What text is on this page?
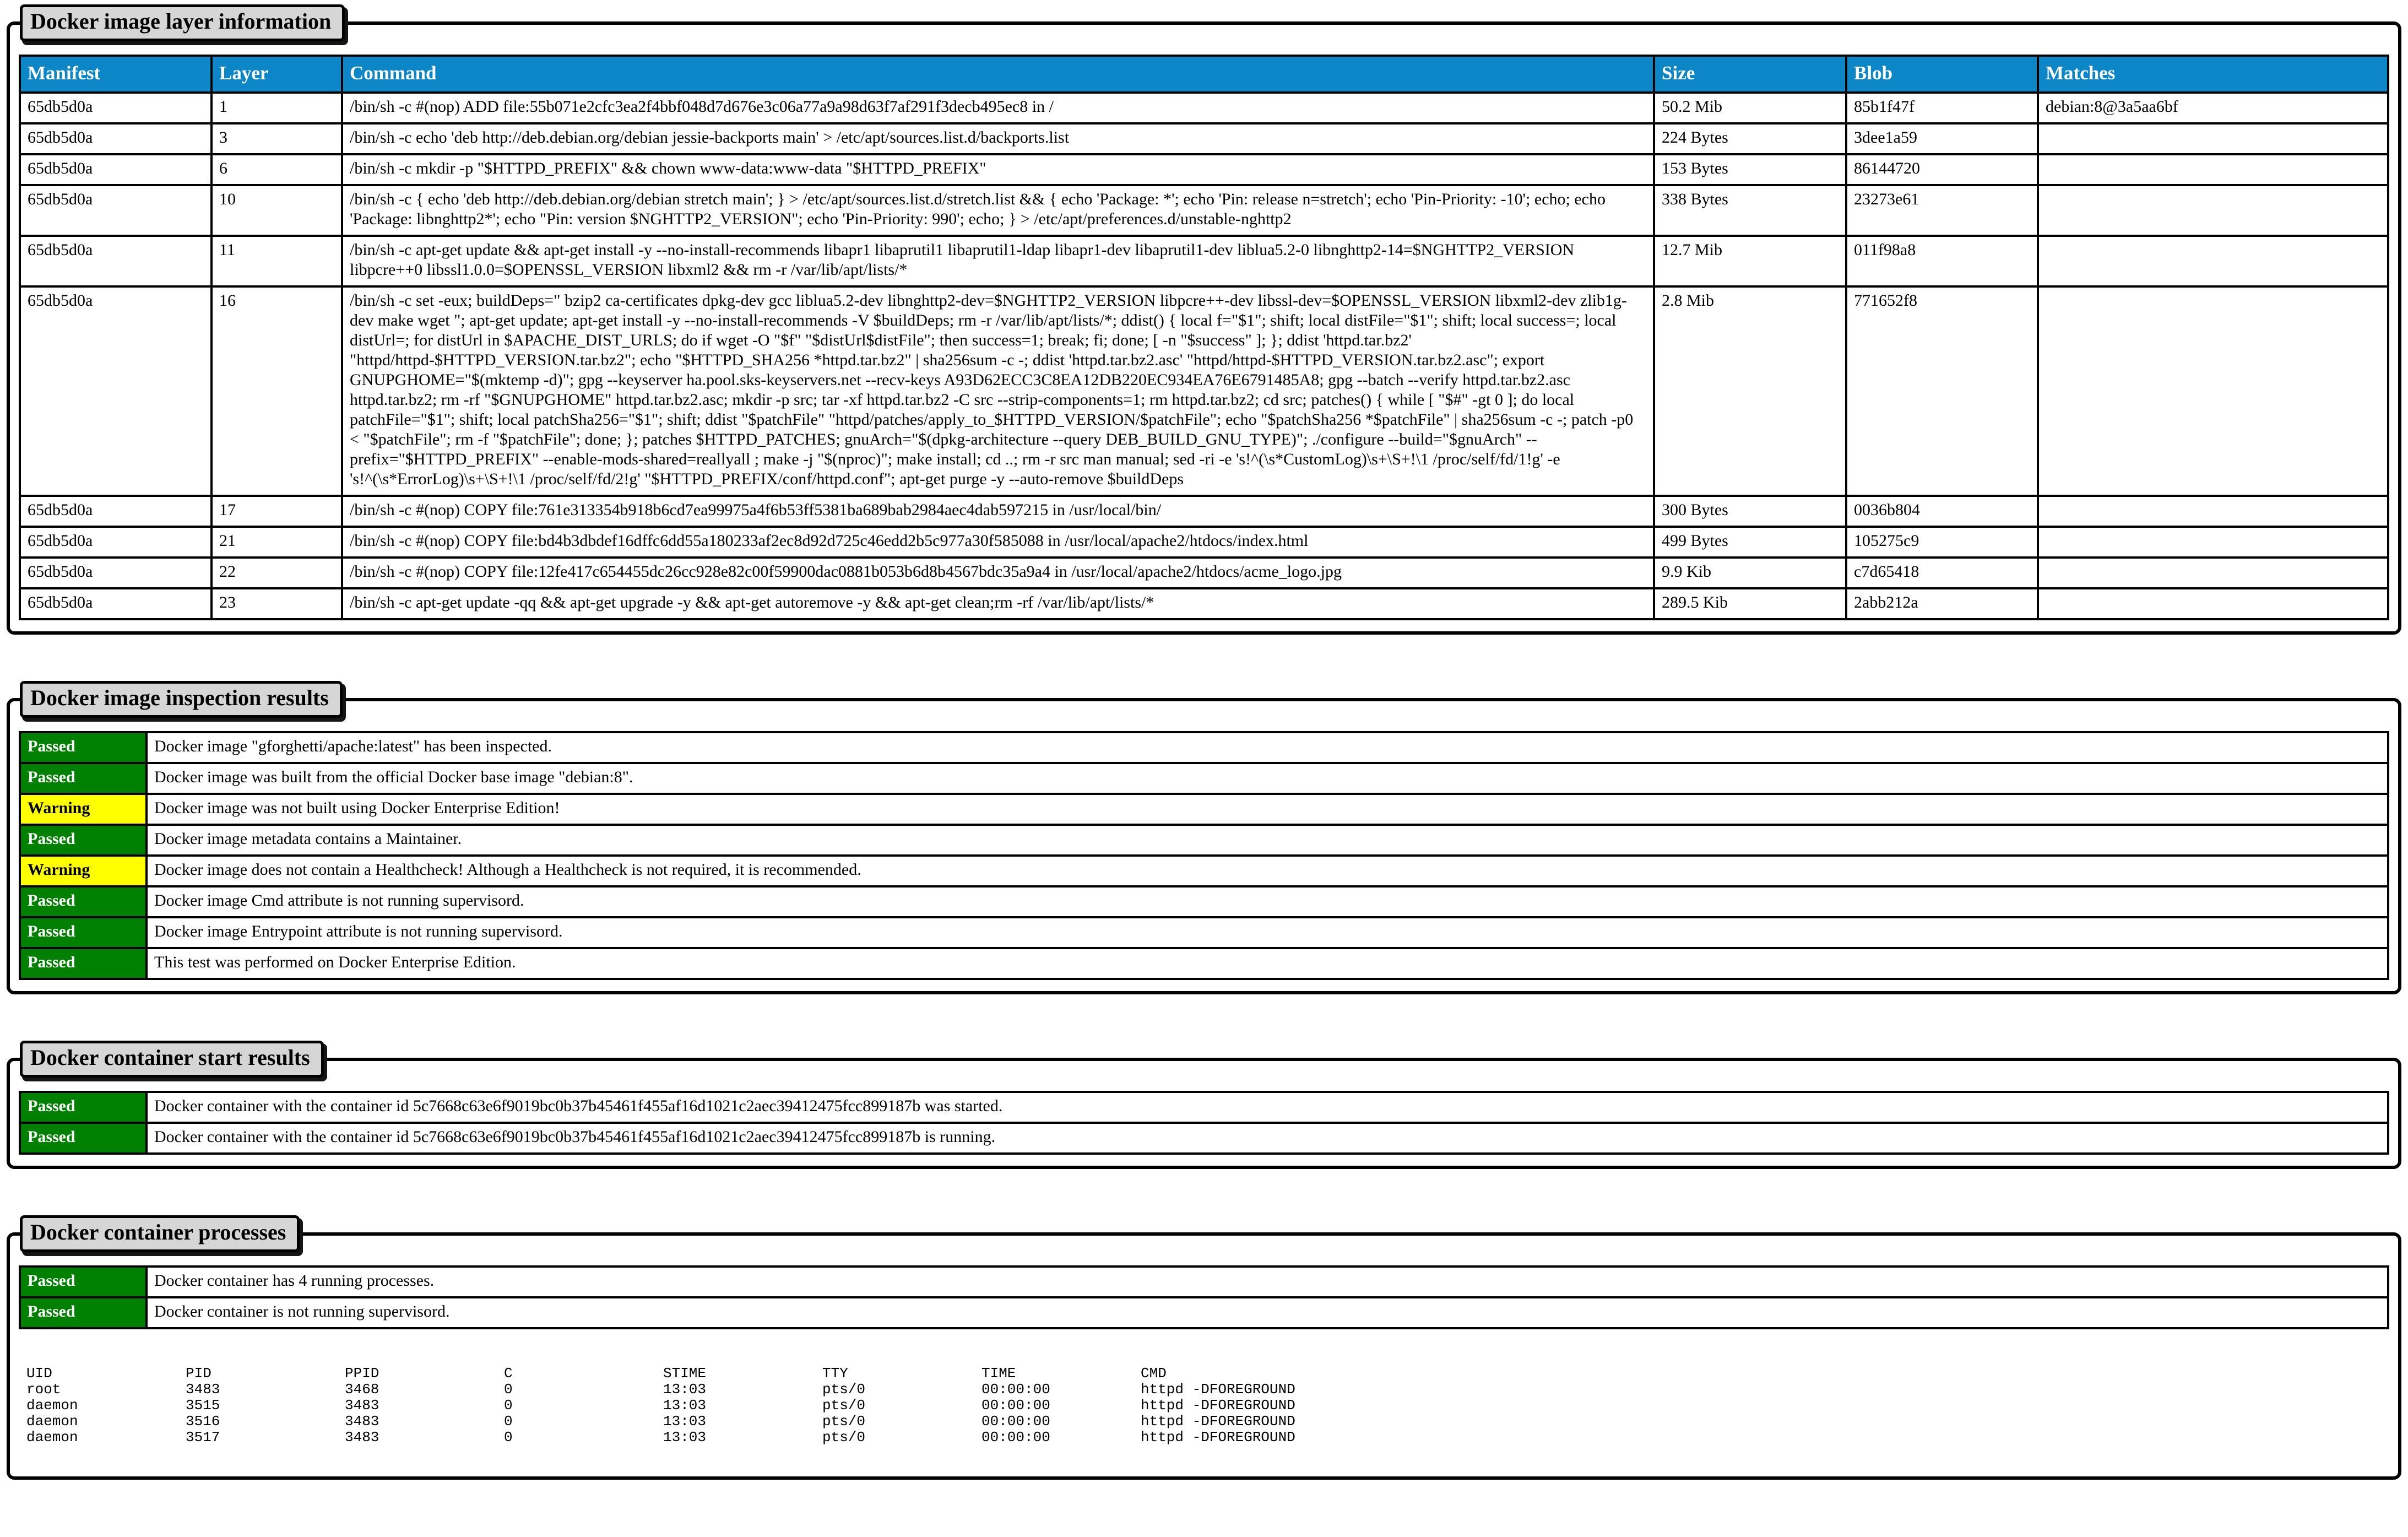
Docker image layer information
Manifest	Layer	Command	Size	Blob	Matches
65db5d0a	1	/bin/sh -c #(nop) ADD file:55b071e2cfc3ea2f4bbf048d7d676e3c06a77a9a98d63f7af291f3decb495ec8 in /	50.2 Mib	85b1f47f	debian:8@3a5aa6bf
65db5d0a	3	/bin/sh -c echo 'deb http://deb.debian.org/debian jessie-backports main' > /etc/apt/sources.list.d/backports.list	224 Bytes	3dee1a59	
65db5d0a	6	/bin/sh -c mkdir -p "$HTTPD_PREFIX" && chown www-data:www-data "$HTTPD_PREFIX"	153 Bytes	86144720	
65db5d0a	10	/bin/sh -c { echo 'deb http://deb.debian.org/debian stretch main'; } > /etc/apt/sources.list.d/stretch.list && { echo 'Package: *'; echo 'Pin: release n=stretch'; echo 'Pin-Priority: -10'; echo; echo 'Package: libnghttp2*'; echo "Pin: version $NGHTTP2_VERSION"; echo 'Pin-Priority: 990'; echo; } > /etc/apt/preferences.d/unstable-nghttp2	338 Bytes	23273e61	
65db5d0a	11	/bin/sh -c apt-get update && apt-get install -y --no-install-recommends libapr1 libaprutil1 libaprutil1-ldap libapr1-dev libaprutil1-dev liblua5.2-0 libnghttp2-14=$NGHTTP2_VERSION libpcre++0 libssl1.0.0=$OPENSSL_VERSION libxml2 && rm -r /var/lib/apt/lists/*	12.7 Mib	011f98a8	
65db5d0a	16	/bin/sh -c set -eux; buildDeps=" bzip2 ca-certificates dpkg-dev gcc liblua5.2-dev libnghttp2-dev=$NGHTTP2_VERSION libpcre++-dev libssl-dev=$OPENSSL_VERSION libxml2-dev zlib1g-dev make wget "; apt-get update; apt-get install -y --no-install-recommends -V $buildDeps; rm -r /var/lib/apt/lists/*; ddist() { local f="$1"; shift; local distFile="$1"; shift; local success=; local distUrl=; for distUrl in $APACHE_DIST_URLS; do if wget -O "$f" "$distUrl$distFile"; then success=1; break; fi; done; [ -n "$success" ]; }; ddist 'httpd.tar.bz2' "httpd/httpd-$HTTPD_VERSION.tar.bz2"; echo "$HTTPD_SHA256 *httpd.tar.bz2" | sha256sum -c -; ddist 'httpd.tar.bz2.asc' "httpd/httpd-$HTTPD_VERSION.tar.bz2.asc"; export GNUPGHOME="$(mktemp -d)"; gpg --keyserver ha.pool.sks-keyservers.net --recv-keys A93D62ECC3C8EA12DB220EC934EA76E6791485A8; gpg --batch --verify httpd.tar.bz2.asc httpd.tar.bz2; rm -rf "$GNUPGHOME" httpd.tar.bz2.asc; mkdir -p src; tar -xf httpd.tar.bz2 -C src --strip-components=1; rm httpd.tar.bz2; cd src; patches() { while [ "$#" -gt 0 ]; do local patchFile="$1"; shift; local patchSha256="$1"; shift; ddist "$patchFile" "httpd/patches/apply_to_$HTTPD_VERSION/$patchFile"; echo "$patchSha256 *$patchFile" | sha256sum -c -; patch -p0 < "$patchFile"; rm -f "$patchFile"; done; }; patches $HTTPD_PATCHES; gnuArch="$(dpkg-architecture --query DEB_BUILD_GNU_TYPE)"; ./configure --build="$gnuArch" --prefix="$HTTPD_PREFIX" --enable-mods-shared=reallyall ; make -j "$(nproc)"; make install; cd ..; rm -r src man manual; sed -ri -e 's!^(\s*CustomLog)\s+\S+!\1 /proc/self/fd/1!g' -e 's!^(\s*ErrorLog)\s+\S+!\1 /proc/self/fd/2!g' "$HTTPD_PREFIX/conf/httpd.conf"; apt-get purge -y --auto-remove $buildDeps	2.8 Mib	771652f8	
65db5d0a	17	/bin/sh -c #(nop) COPY file:761e313354b918b6cd7ea99975a4f6b53ff5381ba689bab2984aec4dab597215 in /usr/local/bin/	300 Bytes	0036b804	
65db5d0a	21	/bin/sh -c #(nop) COPY file:bd4b3dbdef16dffc6dd55a180233af2ec8d92d725c46edd2b5c977a30f585088 in /usr/local/apache2/htdocs/index.html	499 Bytes	105275c9	
65db5d0a	22	/bin/sh -c #(nop) COPY file:12fe417c654455dc26cc928e82c00f59900dac0881b053b6d8b4567bdc35a9a4 in /usr/local/apache2/htdocs/acme_logo.jpg	9.9 Kib	c7d65418	
65db5d0a	23	/bin/sh -c apt-get update -qq && apt-get upgrade -y && apt-get autoremove -y && apt-get clean;rm -rf /var/lib/apt/lists/*	289.5 Kib	2abb212a	
Docker image inspection results
Passed	Docker image "gforghetti/apache:latest" has been inspected.
Passed	Docker image was built from the official Docker base image "debian:8".
Warning	Docker image was not built using Docker Enterprise Edition!
Passed	Docker image metadata contains a Maintainer.
Warning	Docker image does not contain a Healthcheck! Although a Healthcheck is not required, it is recommended.
Passed	Docker image Cmd attribute is not running supervisord.
Passed	Docker image Entrypoint attribute is not running supervisord.
Passed	This test was performed on Docker Enterprise Edition.
Docker container start results
Passed	Docker container with the container id 5c7668c63e6f9019bc0b37b45461f455af16d1021c2aec39412475fcc899187b was started.
Passed	Docker container with the container id 5c7668c63e6f9019bc0b37b45461f455af16d1021c2aec39412475fcc899187b is running.
Docker container processes
Passed	Docker container has 4 running processes.
Passed	Docker container is not running supervisord.
UID	PID	PPID	C	STIME	TTY	TIME	CMD
root	3483	3468	0	13:03	pts/0	00:00:00	httpd -DFOREGROUND
daemon	3515	3483	0	13:03	pts/0	00:00:00	httpd -DFOREGROUND
daemon	3516	3483	0	13:03	pts/0	00:00:00	httpd -DFOREGROUND
daemon	3517	3483	0	13:03	pts/0	00:00:00	httpd -DFOREGROUND
